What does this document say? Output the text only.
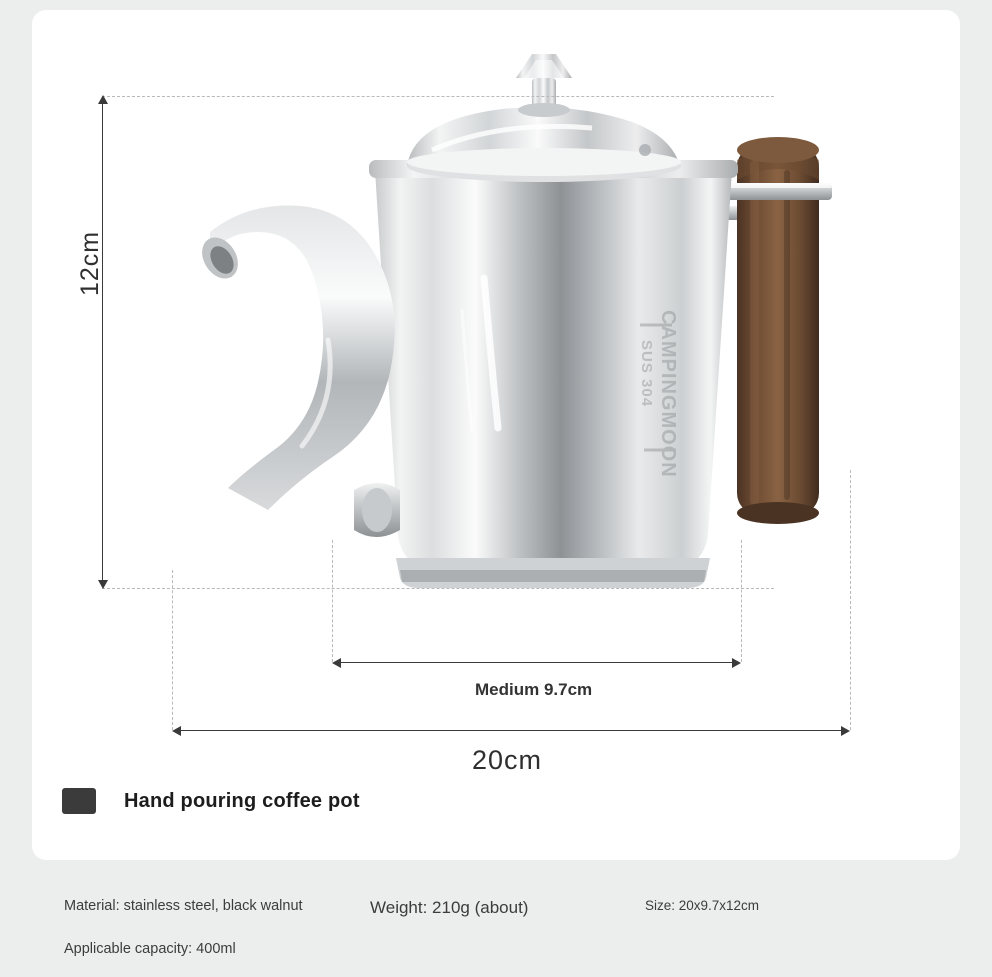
CAMPINGMOON
SUS 304
12cm
Medium 9.7cm
20cm
Hand pouring coffee pot
Material: stainless steel, black walnut	Weight: 210g (about)	Size: 20x9.7x12cm
Applicable capacity: 400ml
